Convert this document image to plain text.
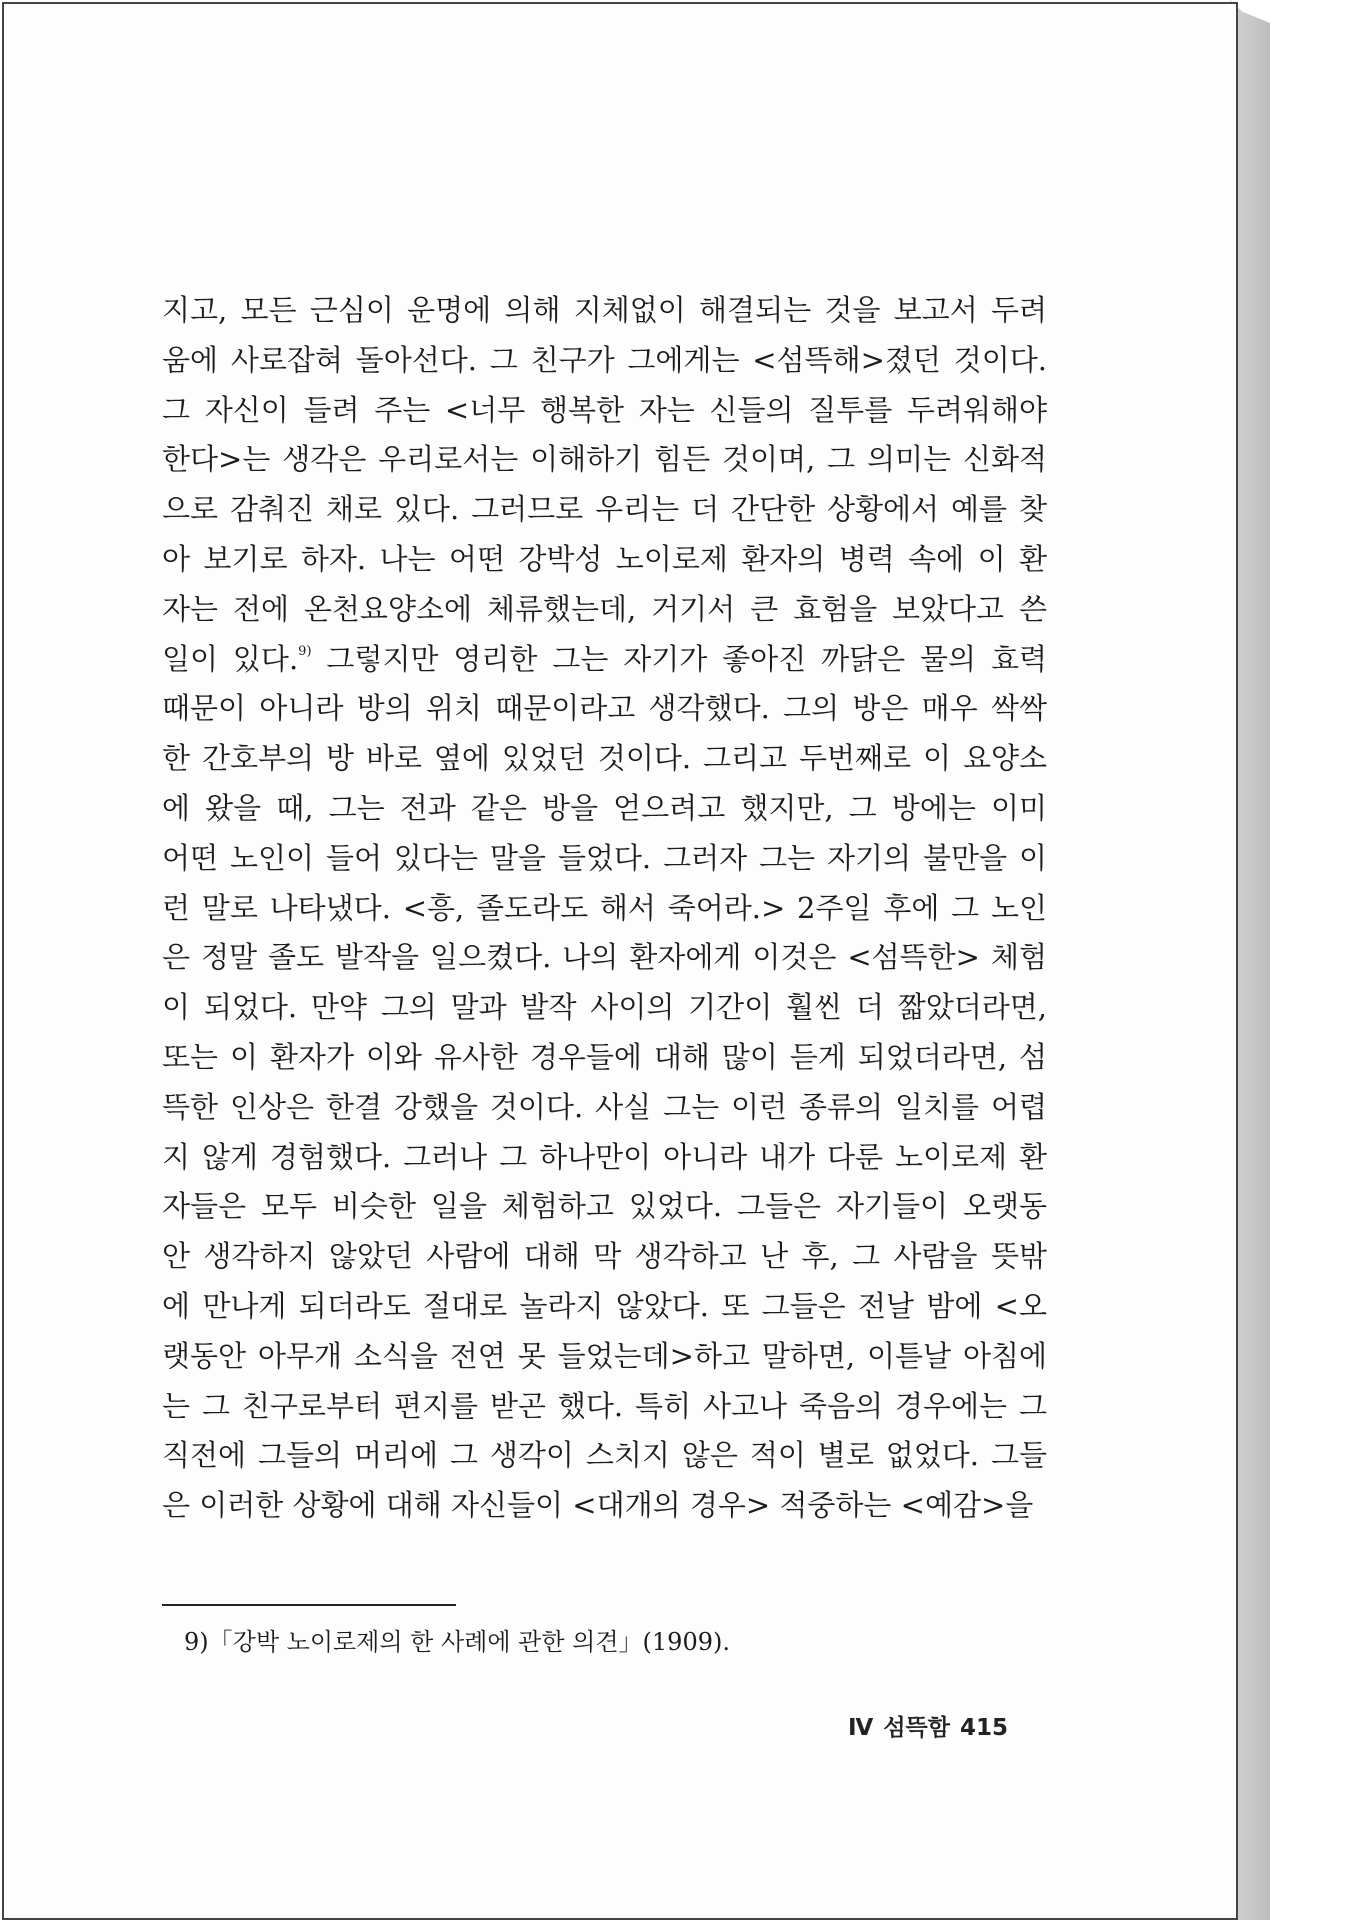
지고, 모든 근심이 운명에 의해 지체없이 해결되는 것을 보고서 두려
움에 사로잡혀 돌아선다. 그 친구가 그에게는 <섬뜩해>졌던 것이다.
그 자신이 들려 주는 <너무 행복한 자는 신들의 질투를 두려워해야
한다>는 생각은 우리로서는 이해하기 힘든 것이며, 그 의미는 신화적
으로 감춰진 채로 있다. 그러므로 우리는 더 간단한 상황에서 예를 찾
아 보기로 하자. 나는 어떤 강박성 노이로제 환자의 병력 속에 이 환
자는 전에 온천요양소에 체류했는데, 거기서 큰 효험을 보았다고 쓴
일이 있다.$^{9)}$ 그렇지만 영리한 그는 자기가 좋아진 까닭은 물의 효력
때문이 아니라 방의 위치 때문이라고 생각했다. 그의 방은 매우 싹싹
한 간호부의 방 바로 옆에 있었던 것이다. 그리고 두번째로 이 요양소
에 왔을 때, 그는 전과 같은 방을 얻으려고 했지만, 그 방에는 이미
어떤 노인이 들어 있다는 말을 들었다. 그러자 그는 자기의 불만을 이
런 말로 나타냈다. <흥, 졸도라도 해서 죽어라.> 2주일 후에 그 노인
은 정말 졸도 발작을 일으켰다. 나의 환자에게 이것은 <섬뜩한> 체험
이 되었다. 만약 그의 말과 발작 사이의 기간이 훨씬 더 짧았더라면,
또는 이 환자가 이와 유사한 경우들에 대해 많이 듣게 되었더라면, 섬
뜩한 인상은 한결 강했을 것이다. 사실 그는 이런 종류의 일치를 어렵
지 않게 경험했다. 그러나 그 하나만이 아니라 내가 다룬 노이로제 환
자들은 모두 비슷한 일을 체험하고 있었다. 그들은 자기들이 오랫동
안 생각하지 않았던 사람에 대해 막 생각하고 난 후, 그 사람을 뜻밖
에 만나게 되더라도 절대로 놀라지 않았다. 또 그들은 전날 밤에 <오
랫동안 아무개 소식을 전연 못 들었는데>하고 말하면, 이튿날 아침에
는 그 친구로부터 편지를 받곤 했다. 특히 사고나 죽음의 경우에는 그
직전에 그들의 머리에 그 생각이 스치지 않은 적이 별로 없었다. 그들
은 이러한 상황에 대해 자신들이 <대개의 경우> 적중하는 <예감>을
9)「강박 노이로제의 한 사례에 관한 의견」(1909).
Ⅳ 섬뜩함 415
